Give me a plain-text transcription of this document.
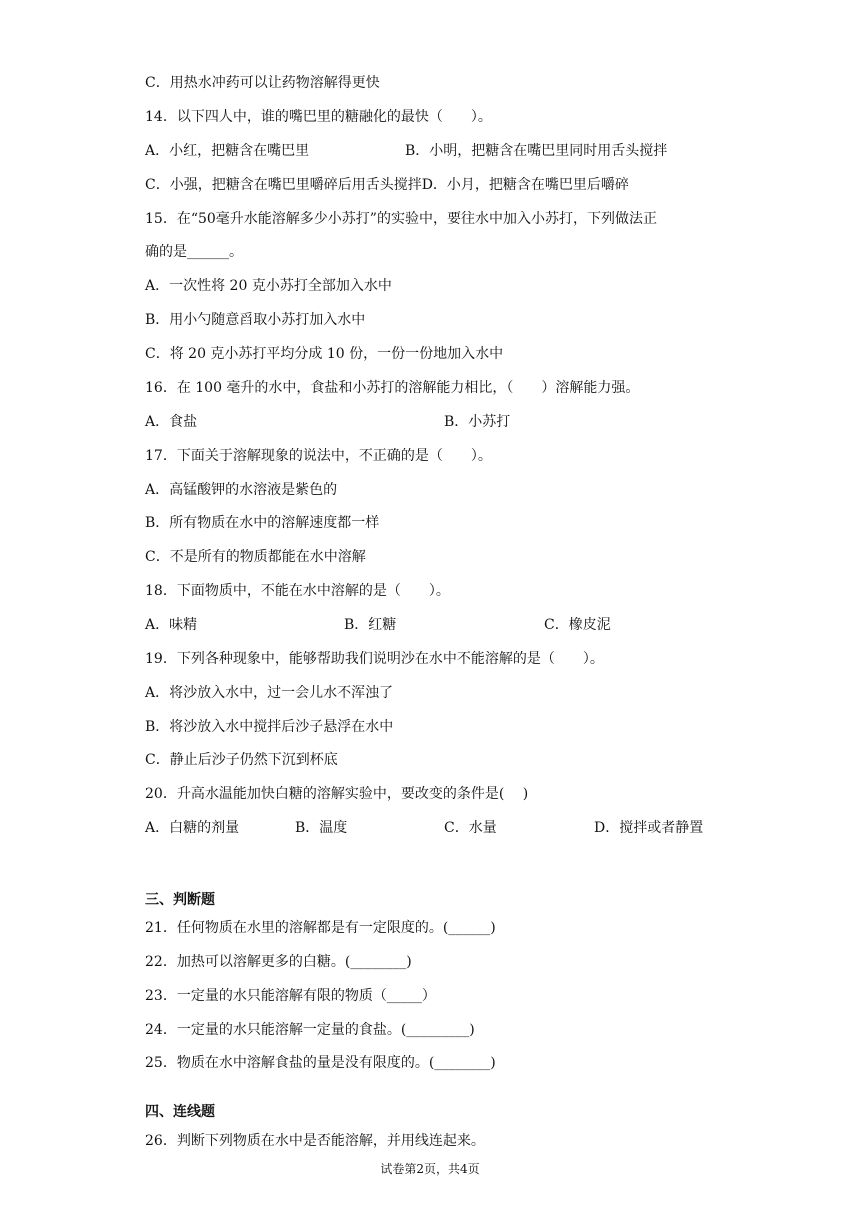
C．用热水冲药可以让药物溶解得更快
14．以下四人中，谁的嘴巴里的糖融化的最快（　　）。
A．小红，把糖含在嘴巴里	B．小明，把糖含在嘴巴里同时用舌头搅拌
C．小强，把糖含在嘴巴里嚼碎后用舌头搅拌D．小月，把糖含在嘴巴里后嚼碎
15．在“50毫升水能溶解多少小苏打”的实验中，要往水中加入小苏打，下列做法正
确的是______。
A．一次性将 20 克小苏打全部加入水中
B．用小勺随意舀取小苏打加入水中
C．将 20 克小苏打平均分成 10 份，一份一份地加入水中
16．在 100 毫升的水中，食盐和小苏打的溶解能力相比，（　　）溶解能力强。
A．食盐	B．小苏打
17．下面关于溶解现象的说法中，不正确的是（　　）。
A．高锰酸钾的水溶液是紫色的
B．所有物质在水中的溶解速度都一样
C．不是所有的物质都能在水中溶解
18．下面物质中，不能在水中溶解的是（　　）。
A．味精	B．红糖	C．橡皮泥
19．下列各种现象中，能够帮助我们说明沙在水中不能溶解的是（　　）。
A．将沙放入水中，过一会儿水不浑浊了
B．将沙放入水中搅拌后沙子悬浮在水中
C．静止后沙子仍然下沉到杯底
20．升高水温能加快白糖的溶解实验中，要改变的条件是(　 )
A．白糖的剂量	B．温度	C．水量	D．搅拌或者静置
三、判断题
21．任何物质在水里的溶解都是有一定限度的。(______)
22．加热可以溶解更多的白糖。(________)
23．一定量的水只能溶解有限的物质（_____）
24．一定量的水只能溶解一定量的食盐。(_________)
25．物质在水中溶解食盐的量是没有限度的。(________)
四、连线题
26．判断下列物质在水中是否能溶解，并用线连起来。
试卷第2页，共4页
